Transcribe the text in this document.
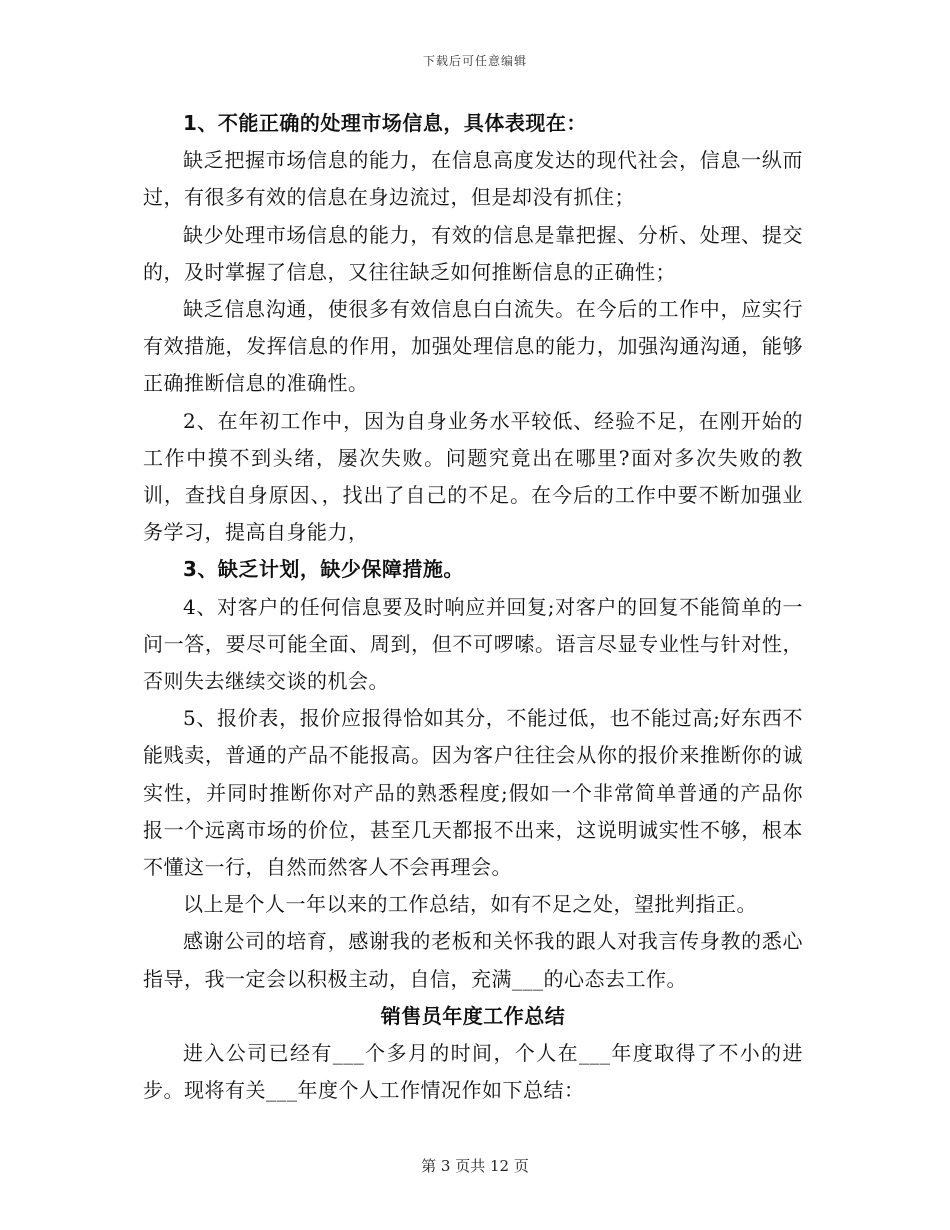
下载后可任意编辑

1、不能正确的处理市场信息，具体表现在：

缺乏把握市场信息的能力，在信息高度发达的现代社会，信息一纵而过，有很多有效的信息在身边流过，但是却没有抓住；

缺少处理市场信息的能力，有效的信息是靠把握、分析、处理、提交的，及时掌握了信息，又往往缺乏如何推断信息的正确性；

缺乏信息沟通，使很多有效信息白白流失。在今后的工作中，应实行有效措施，发挥信息的作用，加强处理信息的能力，加强沟通沟通，能够正确推断信息的准确性。

2、在年初工作中，因为自身业务水平较低、经验不足，在刚开始的工作中摸不到头绪，屡次失败。问题究竟出在哪里?面对多次失败的教训，查找自身原因、，找出了自己的不足。在今后的工作中要不断加强业务学习，提高自身能力，

3、缺乏计划，缺少保障措施。

4、对客户的任何信息要及时响应并回复;对客户的回复不能简单的一问一答，要尽可能全面、周到，但不可啰嗦。语言尽显专业性与针对性，否则失去继续交谈的机会。

5、报价表，报价应报得恰如其分，不能过低，也不能过高;好东西不能贱卖，普通的产品不能报高。因为客户往往会从你的报价来推断你的诚实性，并同时推断你对产品的熟悉程度;假如一个非常简单普通的产品你报一个远离市场的价位，甚至几天都报不出来，这说明诚实性不够，根本不懂这一行，自然而然客人不会再理会。

以上是个人一年以来的工作总结，如有不足之处，望批判指正。

感谢公司的培育，感谢我的老板和关怀我的跟人对我言传身教的悉心指导，我一定会以积极主动，自信，充满___的心态去工作。

销售员年度工作总结

进入公司已经有___个多月的时间，个人在___年度取得了不小的进步。现将有关___年度个人工作情况作如下总结：

第 3 页共 12 页
